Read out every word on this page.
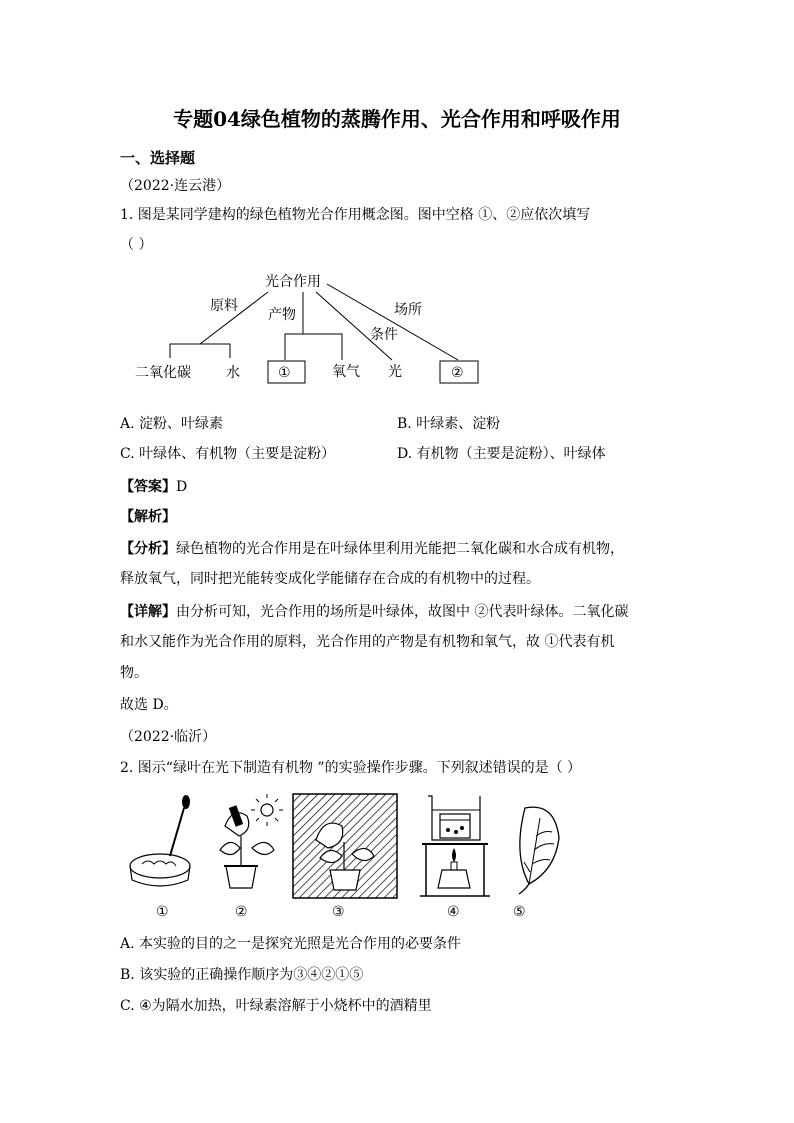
专题04绿色植物的蒸腾作用、光合作用和呼吸作用
一、选择题
（2022·连云港）
1. 图是某同学建构的绿色植物光合作用概念图。图中空格 ①、②应依次填写
（ ）
光合作用
原料
产物
条件
场所
二氧化碳	水	①	氧气 光	②
A. 淀粉、叶绿素	B. 叶绿素、淀粉
C. 叶绿体、有机物（主要是淀粉）	D. 有机物（主要是淀粉）、叶绿体
【答案】D
【解析】
【分析】绿色植物的光合作用是在叶绿体里利用光能把二氧化碳和水合成有机物，
释放氧气，同时把光能转变成化学能储存在合成的有机物中的过程。
【详解】由分析可知，光合作用的场所是叶绿体，故图中 ②代表叶绿体。二氧化碳
和水又能作为光合作用的原料，光合作用的产物是有机物和氧气，故 ①代表有机
物。
故选 D。
（2022·临沂）
2. 图示“绿叶在光下制造有机物 ”的实验操作步骤。下列叙述错误的是（ ）
①	②	③	④	⑤
A. 本实验的目的之一是探究光照是光合作用的必要条件
B. 该实验的正确操作顺序为③④②①⑤
C. ④为隔水加热，叶绿素溶解于小烧杯中的酒精里
